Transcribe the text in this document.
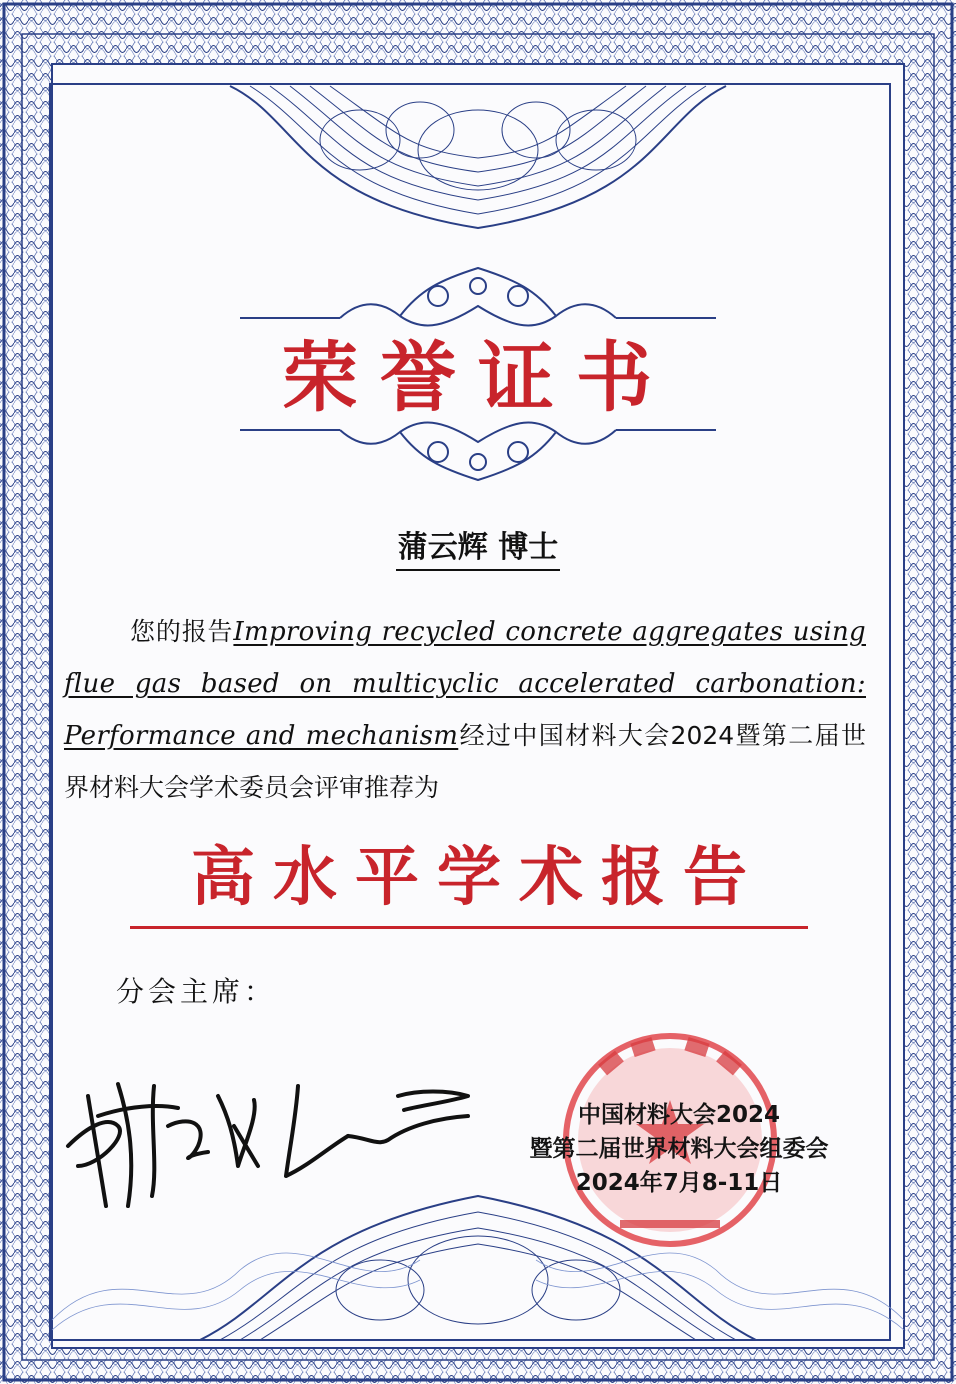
荣誉证书
蒲云辉 博士
您的报告Improving recycled concrete aggregates using flue gas based on multicyclic accelerated carbonation: Performance and mechanism经过中国材料大会2024暨第二届世界材料大会学术委员会评审推荐为
高水平学术报告
分会主席：
中国材料大会2024
暨第二届世界材料大会组委会
2024年7月8-11日
